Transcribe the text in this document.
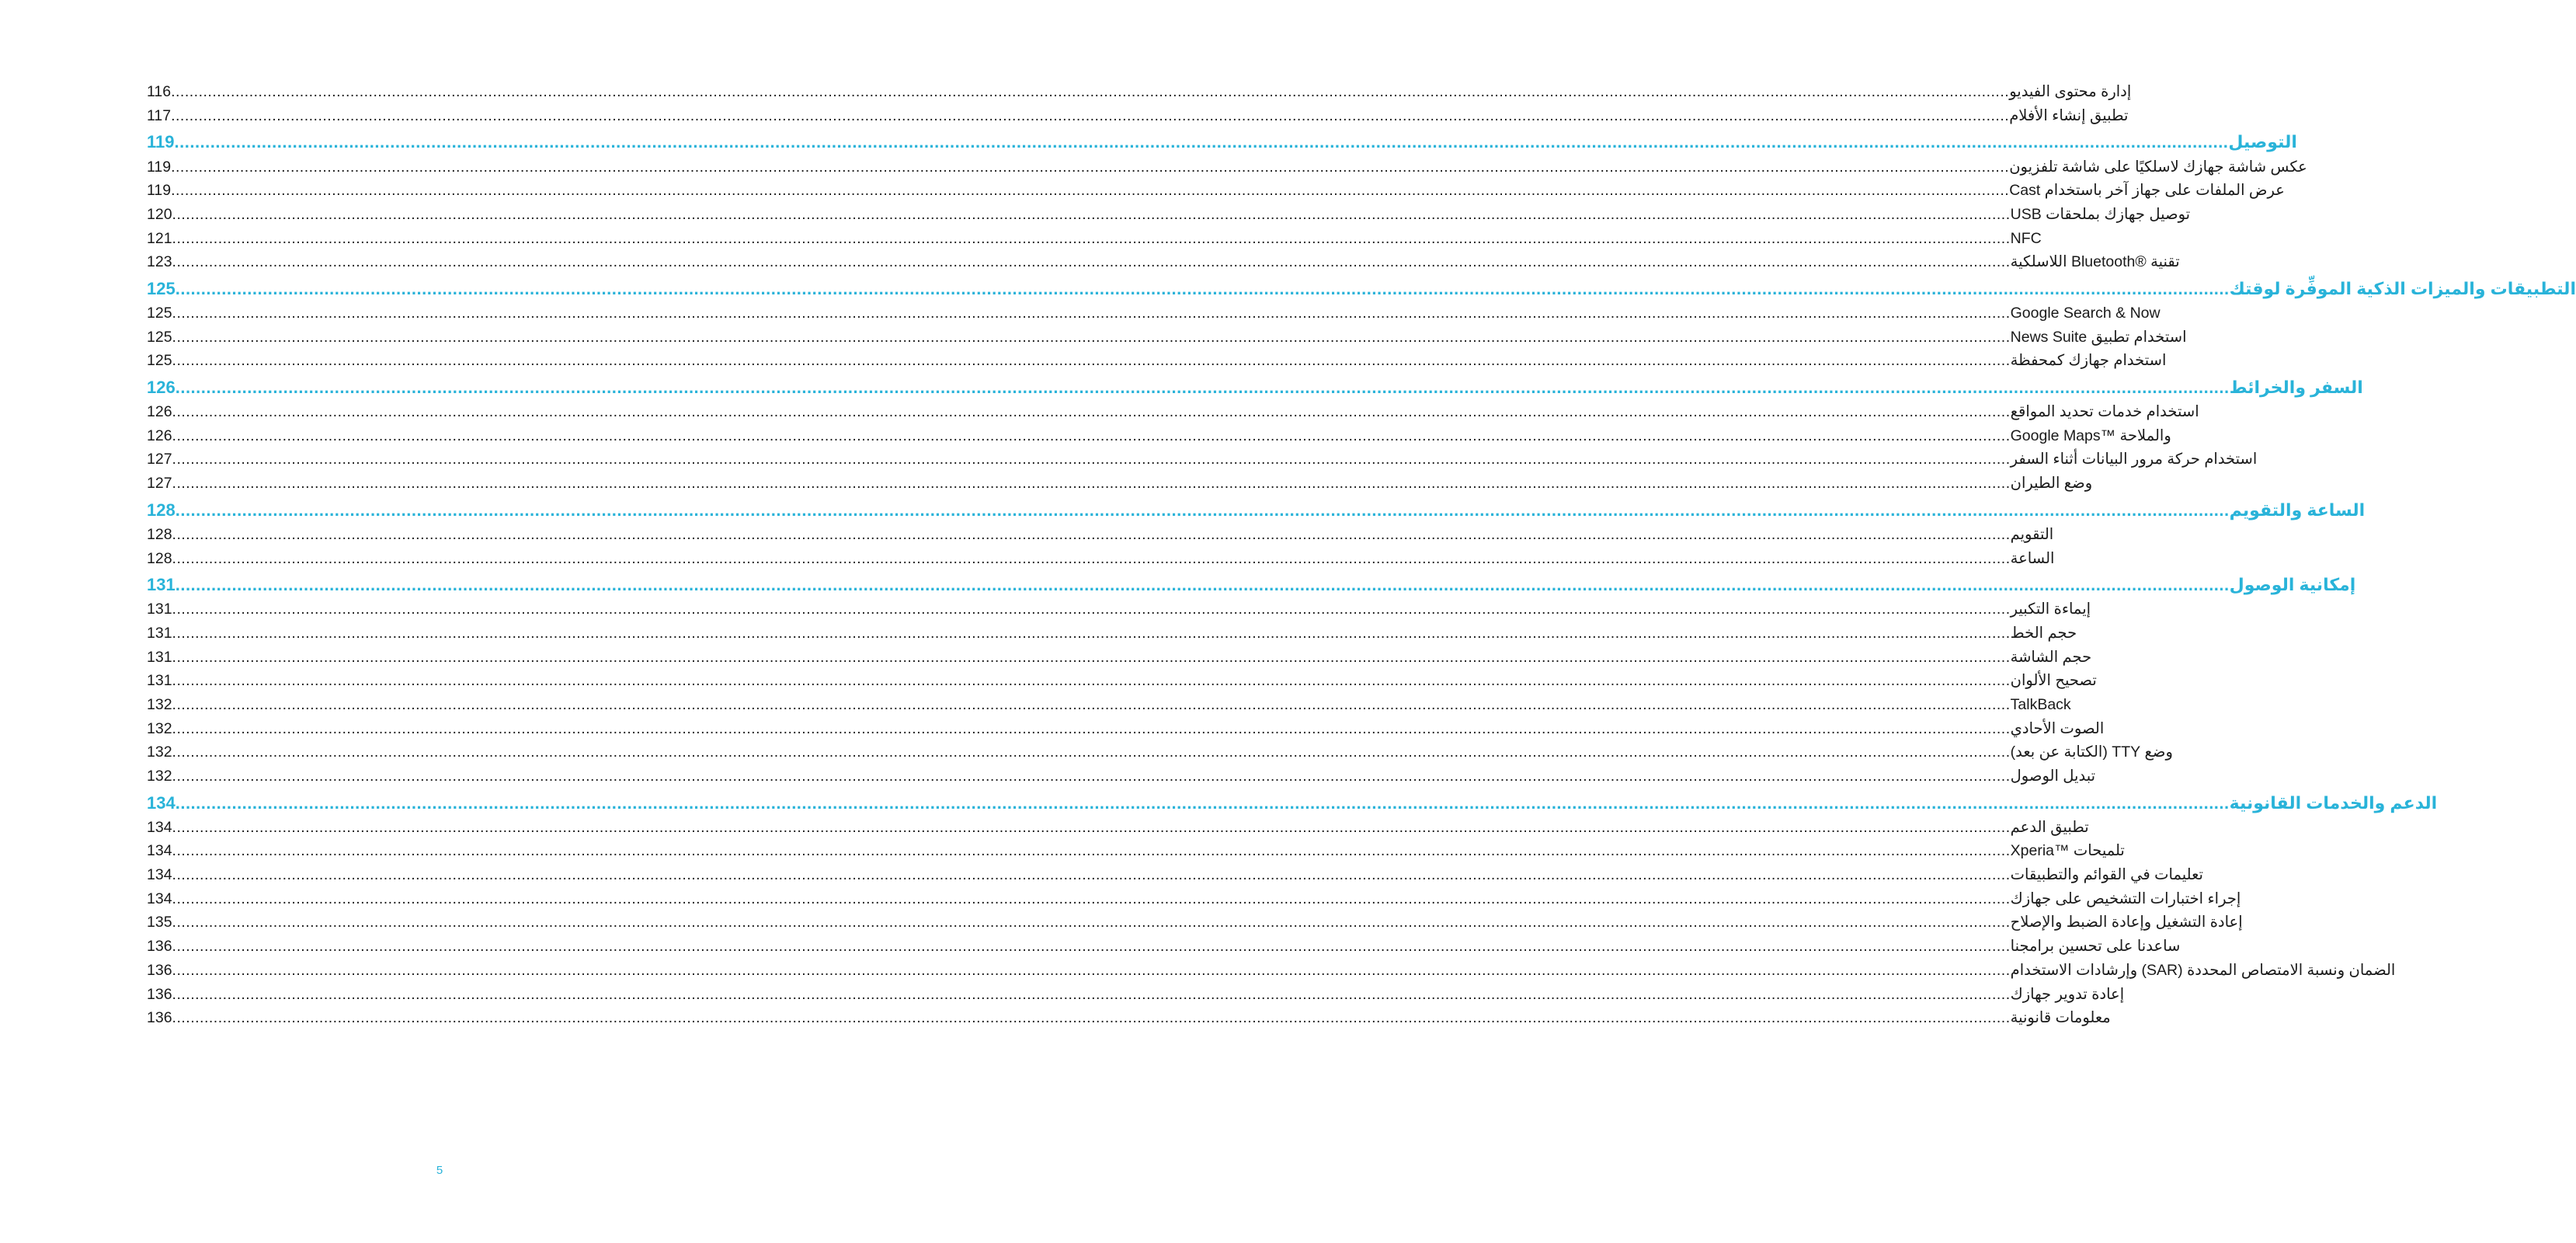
116 ................................................................................................................................................................................................................................................................................................................................................................................................................ إدارة محتوى الفيديو
117 ................................................................................................................................................................................................................................................................................................................................................................................................................ تطبيق إنشاء الأفلام
119 ................................................................................................................................................................................................................................................................................................................................................................................................................ التوصيل
119 ................................................................................................................................................................................................................................................................................................................................................................................................................ عكس شاشة جهازك لاسلكيًا على شاشة تلفزيون
119 ................................................................................................................................................................................................................................................................................................................................................................................................................ عرض الملفات على جهاز آخر باستخدام Cast
120 ................................................................................................................................................................................................................................................................................................................................................................................................................ توصيل جهازك بملحقات USB
121 ................................................................................................................................................................................................................................................................................................................................................................................................................ NFC
123 ................................................................................................................................................................................................................................................................................................................................................................................................................ تقنية ®Bluetooth اللاسلكية
125 ................................................................................................................................................................................................................................................................................................................................................................................................................ التطبيقات والميزات الذكية الموفِّرة لوقتك
125 ................................................................................................................................................................................................................................................................................................................................................................................................................ Google Search & Now
125 ................................................................................................................................................................................................................................................................................................................................................................................................................ استخدام تطبيق News Suite
125 ................................................................................................................................................................................................................................................................................................................................................................................................................ استخدام جهازك كمحفظة
126 ................................................................................................................................................................................................................................................................................................................................................................................................................ السفر والخرائط
126 ................................................................................................................................................................................................................................................................................................................................................................................................................ استخدام خدمات تحديد المواقع
126 ................................................................................................................................................................................................................................................................................................................................................................................................................ Google Maps™ والملاحة
127 ................................................................................................................................................................................................................................................................................................................................................................................................................ استخدام حركة مرور البيانات أثناء السفر
127 ................................................................................................................................................................................................................................................................................................................................................................................................................ وضع الطيران
128 ................................................................................................................................................................................................................................................................................................................................................................................................................ الساعة والتقويم
128 ................................................................................................................................................................................................................................................................................................................................................................................................................ التقويم
128 ................................................................................................................................................................................................................................................................................................................................................................................................................ الساعة
131 ................................................................................................................................................................................................................................................................................................................................................................................................................ إمكانية الوصول
131 ................................................................................................................................................................................................................................................................................................................................................................................................................ إيماءة التكبير
131 ................................................................................................................................................................................................................................................................................................................................................................................................................ حجم الخط
131 ................................................................................................................................................................................................................................................................................................................................................................................................................ حجم الشاشة
131 ................................................................................................................................................................................................................................................................................................................................................................................................................ تصحيح الألوان
132 ................................................................................................................................................................................................................................................................................................................................................................................................................ TalkBack
132 ................................................................................................................................................................................................................................................................................................................................................................................................................ الصوت الأحادي
132 ................................................................................................................................................................................................................................................................................................................................................................................................................ وضع TTY (الكتابة عن بعد)
132 ................................................................................................................................................................................................................................................................................................................................................................................................................ تبديل الوصول
134 ................................................................................................................................................................................................................................................................................................................................................................................................................ الدعم والخدمات القانونية
134 ................................................................................................................................................................................................................................................................................................................................................................................................................ تطبيق الدعم
134 ................................................................................................................................................................................................................................................................................................................................................................................................................ تلميحات ™Xperia
134 ................................................................................................................................................................................................................................................................................................................................................................................................................ تعليمات في القوائم والتطبيقات
134 ................................................................................................................................................................................................................................................................................................................................................................................................................ إجراء اختبارات التشخيص على جهازك
135 ................................................................................................................................................................................................................................................................................................................................................................................................................ إعادة التشغيل وإعادة الضبط والإصلاح
136 ................................................................................................................................................................................................................................................................................................................................................................................................................ ساعدنا على تحسين برامجنا
136 ................................................................................................................................................................................................................................................................................................................................................................................................................ الضمان ونسبة الامتصاص المحددة (SAR) وإرشادات الاستخدام
136 ................................................................................................................................................................................................................................................................................................................................................................................................................ إعادة تدوير جهازك
136 ................................................................................................................................................................................................................................................................................................................................................................................................................ معلومات قانونية
5
